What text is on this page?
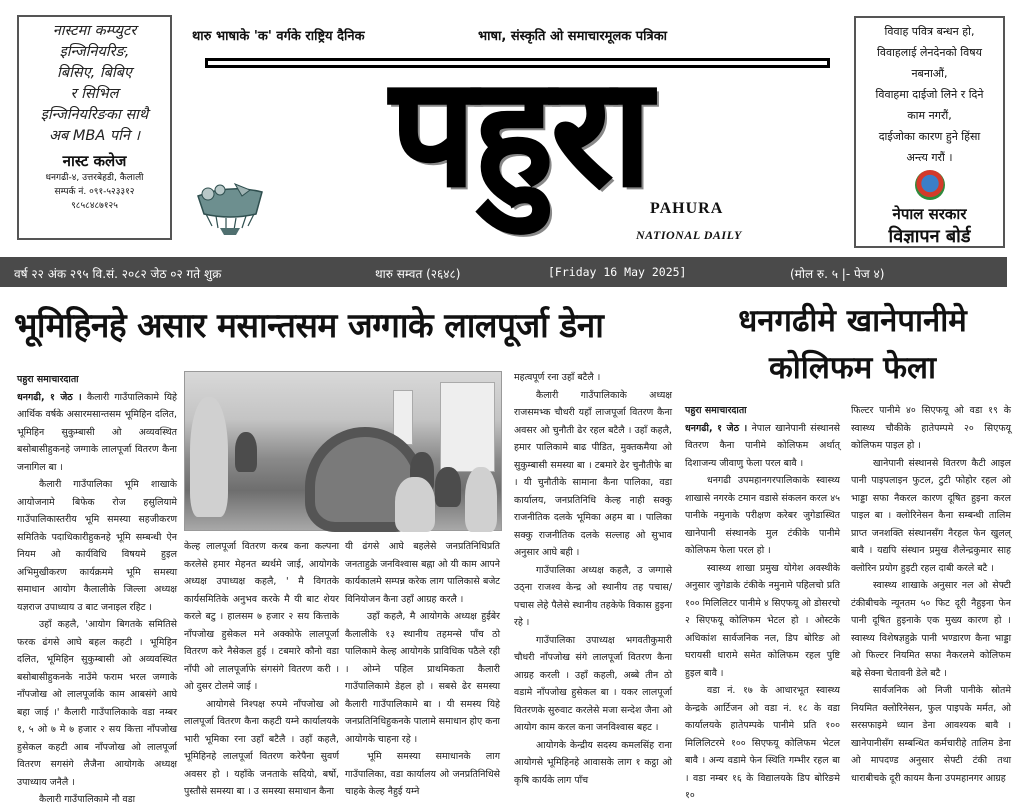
नास्टमा कम्प्युटर
इन्जिनियरिङ,
बिसिए, बिबिए
र सिभिल
इन्जिनियरिङका साथै
अब MBA पनि ।
नास्ट कलेज
धनगढी-४, उत्तरबेहडी, कैलाली
सम्पर्क नं. ०९१-५२३३१२
९८५८४८७१२५
थारु भाषाके 'क' वर्गके राष्ट्रिय दैनिक	भाषा, संस्कृति ओ समाचारमूलक पत्रिका
पहुरा PAHURA
NATIONAL DAILY
विवाह पवित्र बन्धन हो,
विवाहलाई लेनदेनको विषय
नबनाऔं,
विवाहमा दाईजो लिने र दिने
काम नगरौं,
दाईजोका कारण हुने हिंसा
अन्त्य गरौं ।
नेपाल सरकार
विज्ञापन बोर्ड
वर्ष २२ अंक २९५ वि.सं. २०८२ जेठ ०२ गते शुक्र	थारु सम्वत (२६४८)	[Friday 16 May 2025]	(मोल रु. ५ |- पेज ४)
भूमिहिनहे असार मसान्तसम जग्गाके लालपूर्जा डेना	धनगढीमे खानेपानीमे कोलिफम फेला
पहुरा समाचारदाता

धनगढी, १ जेठ । कैलारी गाउँपालिकामे यिहे आर्थिक वर्षके असारमसान्तसम भूमिहिन दलित, भूमिहिन सुकुम्बासी ओ अव्यवस्थित बसोबासीहुकनहे जग्गाके लालपूर्जा वितरण कैना जनागिल बा ।

कैलारी गाउँपालिका भूमि शाखाके आयोजनामे बिफेक रोज हसुलियामे गाउँपालिकास्तरीय भूमि समस्या सहजीकरण समितिके पदाधिकारीहुकनहे भूमि सम्बन्धी ऐन नियम ओ कार्यविधि विषयमे हुइल अभिमुखीकरण कार्यक्रममे भूमि समस्या समाधान आयोग कैलालीके जिल्ला अध्यक्ष यज्ञराज उपाध्याय उ बाट जनाइल रहिट ।

उहाँ कहलै, 'आयोग बिगतके समितिसे फरक ढंगसे आघे बहल कहटी । भूमिहिन दलित, भूमिहिन सुकुम्बासी ओ अव्यवस्थित बसोबासीहुकनके नाउँमे फराम भरल जग्गाके नाँपजोख ओ लालपूर्जाके काम आबसंगे आघे बहा जाई ।' कैलारी गाउँपालिकाके वडा नम्बर १, ५ ओ ७ मे ७ हजार २ सय कित्ता नाँपजोख हुसेकल कहटी आब नाँपजोख ओ लालपूर्जा वितरण सगसंगे लैजैना आयोगके अध्यक्ष उपाध्याय जनैलै ।

कैलारी गाउँपालिकामे नौ वडा

केल्ह लालपूर्जा वितरण करब कना कल्पना करलेसे हमार मेहनत ब्यर्थमे जाई, आयोगके अध्यक्ष उपाध्यक्ष कहलै, ' मै विगतके कार्यसमितिके अनुभव करके मै यी बाट शेयर करले बटु । हालसम ७ हजार २ सय कित्ताके नाँपजोख हुसेकल मने अक्कोफे लालपूर्जा वितरण करे नैसेकल हुई । टबमारे कौनो वडा नाँपी ओ लालपूर्जाफे संगसंगे वितरण करी । ओ दुसर टोलमे जाई ।

आयोगसे निश्पक्ष रुपमे नाँपजोख ओ लालपूर्जा वितरण कैना कहटी यम्ने कार्यालयके भारी भूमिका रना उहाँ बटैलै । उहाँ कहलै, भूमिहिनहे लालपूर्जा वितरण करेपैना सुवर्ण अवसर हो । यहाँके जनताके सदियो, बर्षो, पुस्तौसे समस्या बा । उ समस्या समाधान कैना

यी ढंगसे आघे बहलेसे जनप्रतिनिधिप्रति जनताहुक्रे जनविश्वास बह्ना ओ यी काम आपने कार्यकालमे सम्पन्न करेक लाग पालिकासे बजेट विनियोजन कैना उहाँ आग्रह करलै ।

उहाँ कहलै, मै आयोगके अध्यक्ष हुईबेर कैलालीके १३ स्थानीय तहमन्से पाँच ठो पालिकामे केल्ह आयोगके प्राविधिक पठैले रही । ओम्ने पहिल प्राथमिकता कैलारी गाउँपालिकामे डेहल हो । सबसे ढेर समस्या कैलारी गाउँपालिकामे बा । यी समस्य यिहे जनप्रतिनिधिहुकनके पालामे समाधान होए कना आयोगके चाहना रहे ।

भूमि समस्या समाधानके लाग गाउँपालिका, वडा कार्यालय ओ जनप्रतिनिधिसे चाहके केल्ह नैहुई यम्ने

महत्वपूर्ण रना उहाँ बटैलै ।

कैलारी गाउँपालिकाके अध्यक्ष राजसमभ्क चौधरी यहाँ लाजपूर्जा वितरण कैना अवसर ओ चुनौती ढेर रहल बटैलै । उहाँ कहलै, हमार पालिकामे बाढ पीडित, मुक्तकमैया ओ सुकुम्बासी समस्या बा । टबमारे ढेर चुनौतीफे बा । यी चुनौतीके सामाना कैना पालिका, वडा कार्यालय, जनप्रतिनिधि केल्ह नाही सक्कु राजनीतिक दलके भूमिका अहम बा । पालिका सक्कु राजनीतिक दलके सल्लाह ओ सुभाव अनुसार आघे बही ।

गाउँपालिका अध्यक्ष कहलै, उ जग्गासे उठ्ना राजश्व केन्द्र ओ स्थानीय तह पचास/पचास लेहे पैलेसे स्थानीय तहकेफे विकास हुइना रहे ।

गाउँपालिका उपाध्यक्ष भगवतीकुमारी चौधरी नाँपजोख संगे लालपूर्जा वितरण कैना आग्रह करली । उहाँ कहली, अब्बे तीन ठो वडामे नाँपजोख हुसेकल बा । यकर लालपूर्जा वितरणके सुरुवाट करलेसे मजा सन्देश जैना ओ आयोग काम करल कना जनविश्वास बहट ।

आयोगके केन्द्रीय सदस्य कमलसिंह राना आयोगसे भूमिहिनहे आवासके लाग १ कट्ठा ओ कृषि कार्यके लाग पाँच

पहुरा समाचारदाता

धनगढी, १ जेठ । नेपाल खानेपानी संस्थानसे वितरण कैना पानीमे कोलिफम अर्थात् दिशाजन्य जीवाणु फेला परल बावै ।

धनगढी उपमहानगरपालिकाके स्वास्थ्य शाखासे नगरके टमान वडासे संकलन करल ४५ पानीके नमुनाके परीक्षण करेबर जुगेडास्थित खानेपानी संस्थानके मुल टंकीके पानीमे कोलिफम फेला परल हो ।

स्वास्थ्य शाखा प्रमुख योगेश अवस्थीके अनुसार जुगेडाके टंकीके नमुनामे पहिलचो प्रति १०० मिलिलिटर पानीमे ४ सिएफयू ओ डोसरचो २ सिएफयू कोलिफम भेटल हो । ओस्टके अधिकांश सार्वजनिक नल, डिप बोरिङ ओ घरायसी धारामे समेत कोलिफम रहल पुष्टि हुइल बावै ।

वडा नं. १७ के आधारभूत स्वास्थ्य केन्द्रके आर्टिजन ओ वडा नं. १८ के वडा कार्यालयके हातेपम्पके पानीमे प्रति १०० मिलिलिटरमे १०० सिएफयू कोलिफम भेटल बावै । अन्य वडामे फेन स्थिति गम्भीर रहल बा । वडा नम्बर १६ के विद्यालयके डिप बोरिङमे १०

फिल्टर पानीमे ४० सिएफयू ओ वडा १९ के स्वास्थ्य चौकीके हातेपम्पमे २० सिएफयू कोलिफम पाइल हो ।

खानेपानी संस्थानसे वितरण कैटी आइल पानी पाइपलाइन फुटल, टुटी फोहोर रहल ओ भाड्डा सफा नैकरल कारण दूषित हुइना करल पाइल बा । क्लोरिनेसन कैना सम्बन्धी तालिम प्राप्त जनशक्ति संस्थानसँग नैरहल फेन खुलल् बावै । यद्यपि संस्थान प्रमुख शैलेन्द्रकुमार साह क्लोरिन प्रयोग हुइटी रहल दाबी करले बटै ।

स्वास्थ्य शाखाके अनुसार नल ओ सेफ्टी टंकीबीचके न्यूनतम ५० फिट दूरी नैहुइना फेन पानी दूषित हुइनाके एक मुख्य कारण हो । स्वास्थ्य विशेषज्ञहुक्रे पानी भण्डारण कैना भाड्डा ओ फिल्टर नियमित सफा नैकरलमे कोलिफम बह्रे सेक्ना चेतावनी डेले बटै ।

सार्वजनिक ओ निजी पानीके स्रोतमे नियमित क्लोरिनेसन, फुल पाइपके मर्मत, ओ सरसफाइमे ध्यान डेना आवश्यक बावै । खानेपानीसँग सम्बन्धित कर्मचारीहे तालिम डेना ओ मापदण्ड अनुसार सेफ्टी टंकी तथा धाराबीचके दूरी कायम कैना उपमहानगर आग्रह
